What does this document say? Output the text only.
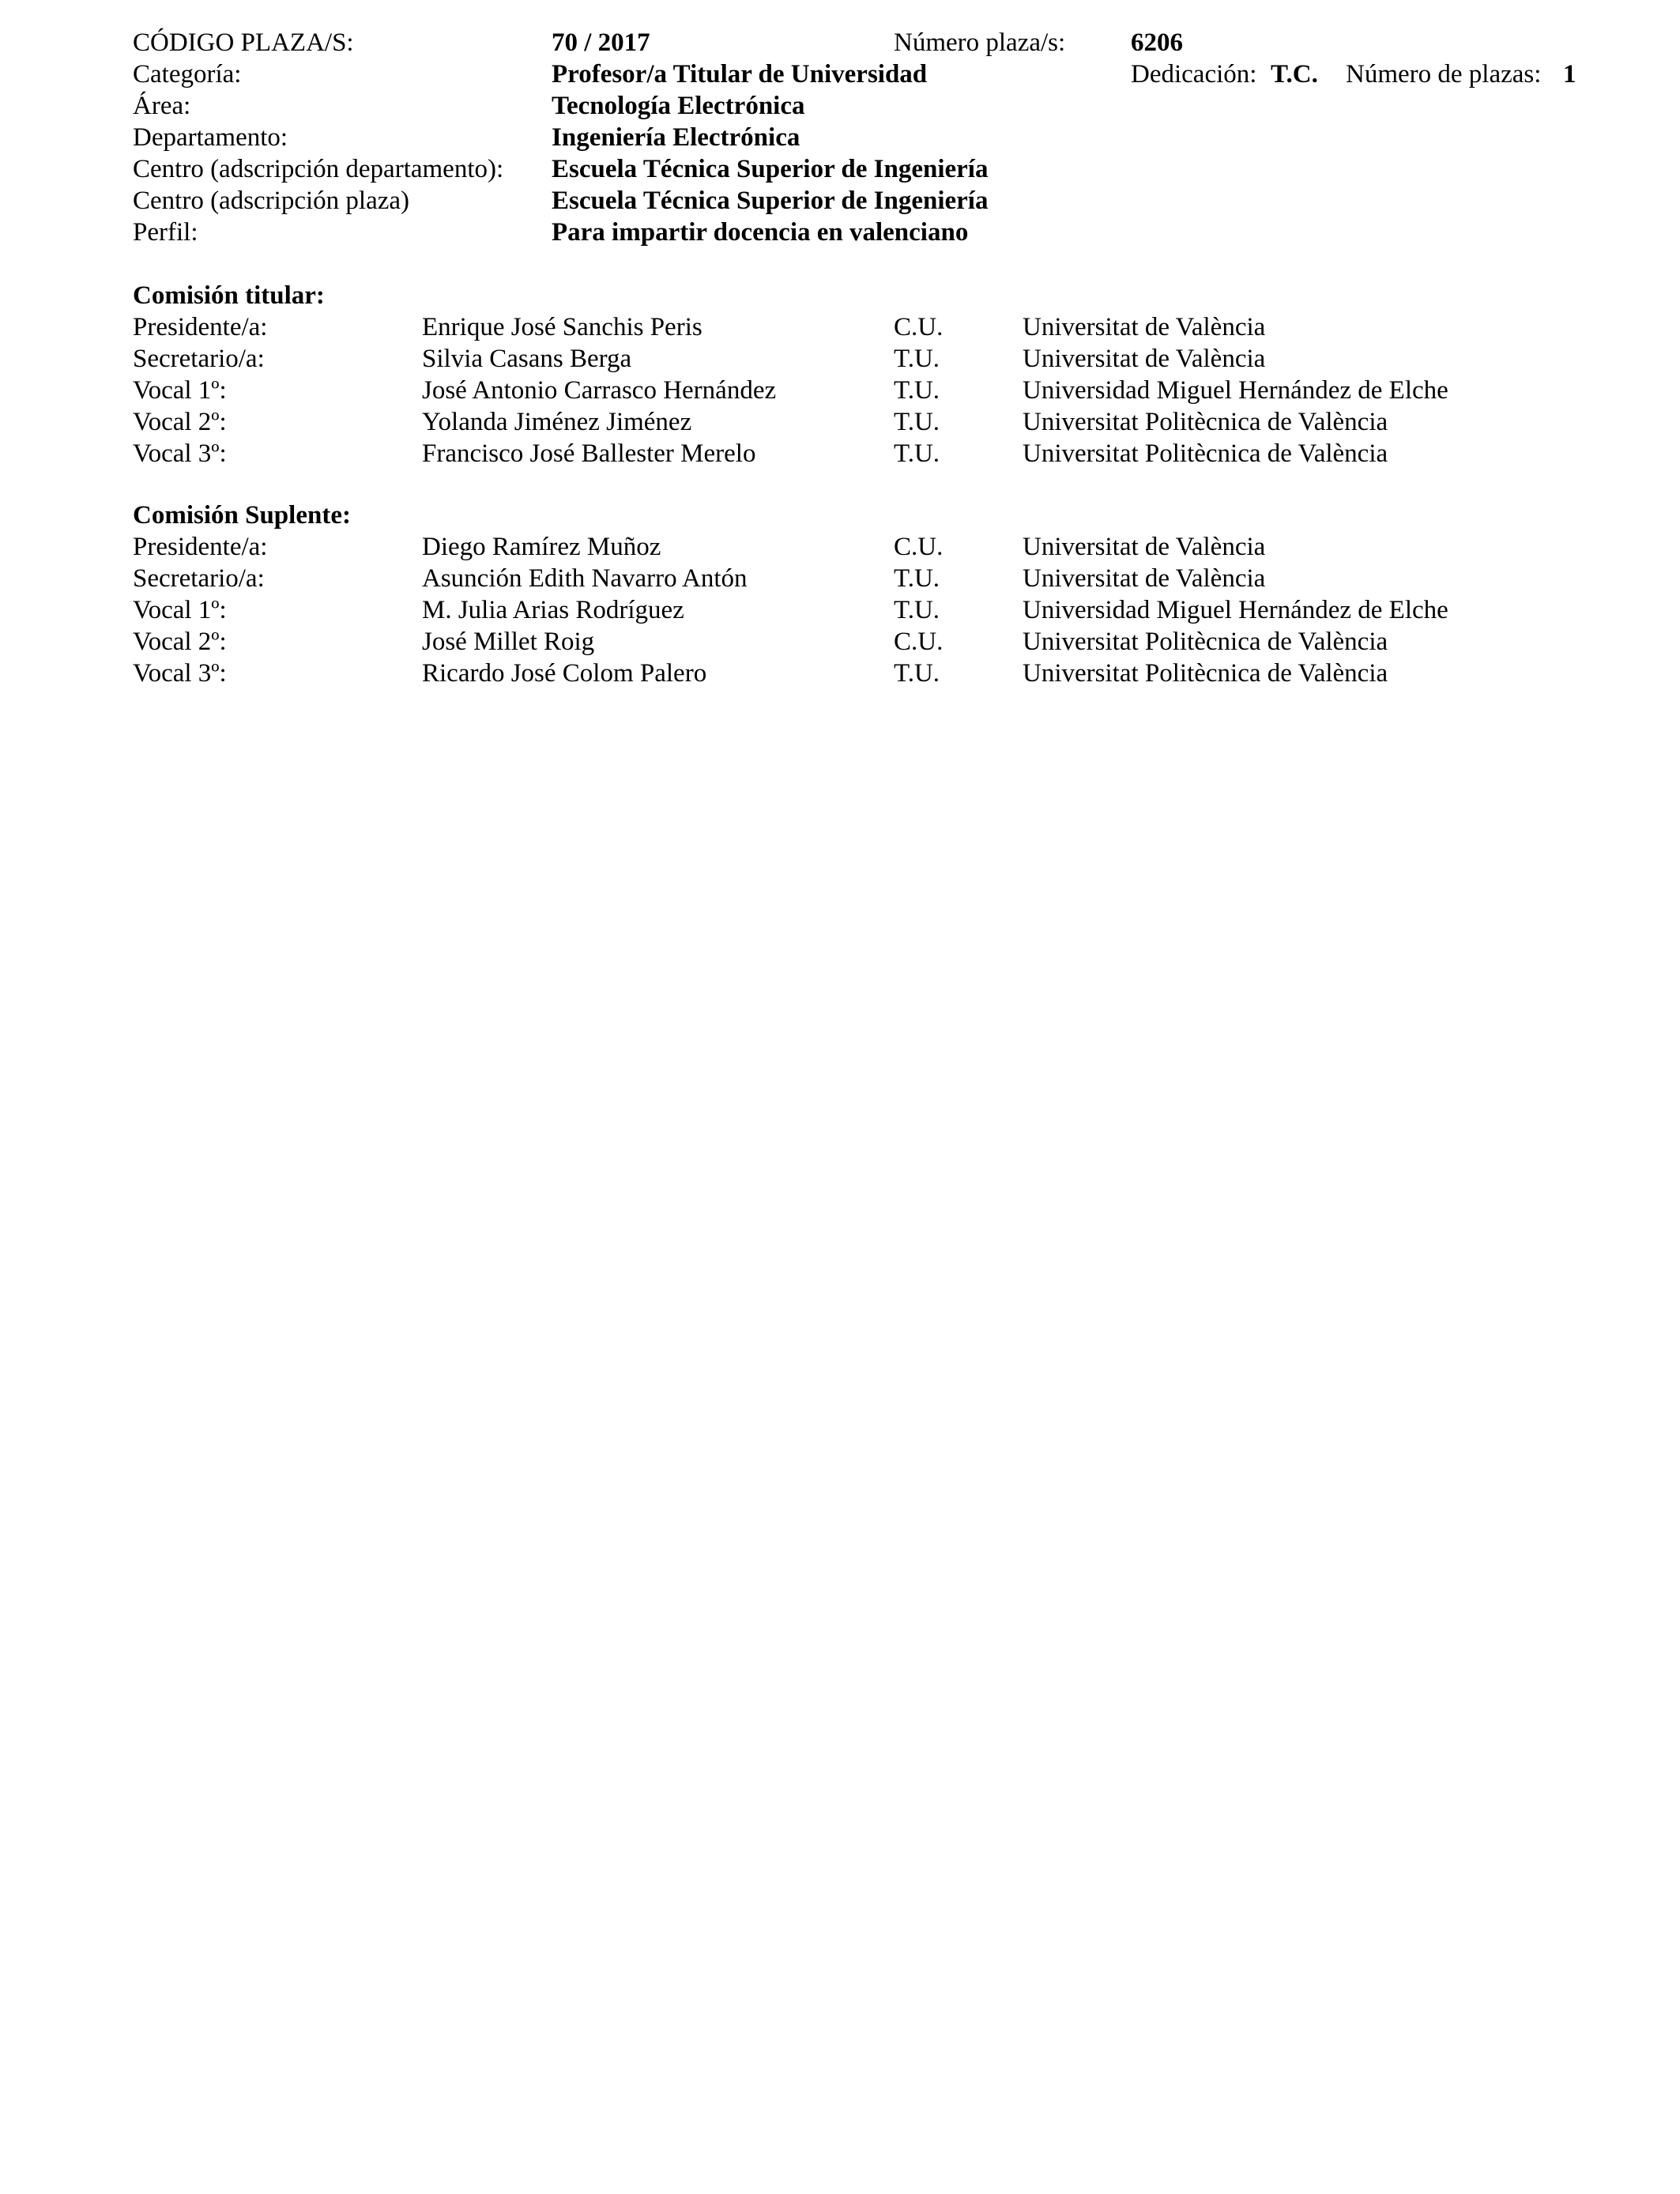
CÓDIGO PLAZA/S:	70 / 2017	Número plaza/s:	6206
Categoría:	Profesor/a Titular de Universidad	Dedicación: T.C. Número de plazas: 1
Área:	Tecnología Electrónica
Departamento:	Ingeniería Electrónica
Centro (adscripción departamento): Escuela Técnica Superior de Ingeniería
Centro (adscripción plaza)	Escuela Técnica Superior de Ingeniería
Perfil:	Para impartir docencia en valenciano
Comisión titular:
Presidente/a:	Enrique José Sanchis Peris	C.U.	Universitat de València
Secretario/a:	Silvia Casans Berga	T.U.	Universitat de València
Vocal 1º:	José Antonio Carrasco Hernández	T.U.	Universidad Miguel Hernández de Elche
Vocal 2º:	Yolanda Jiménez Jiménez	T.U.	Universitat Politècnica de València
Vocal 3º:	Francisco José Ballester Merelo	T.U.	Universitat Politècnica de València
Comisión Suplente:
Presidente/a:	Diego Ramírez Muñoz	C.U.	Universitat de València
Secretario/a:	Asunción Edith Navarro Antón	T.U.	Universitat de València
Vocal 1º:	M. Julia Arias Rodríguez	T.U.	Universidad Miguel Hernández de Elche
Vocal 2º:	José Millet Roig	C.U.	Universitat Politècnica de València
Vocal 3º:	Ricardo José Colom Palero	T.U.	Universitat Politècnica de València
